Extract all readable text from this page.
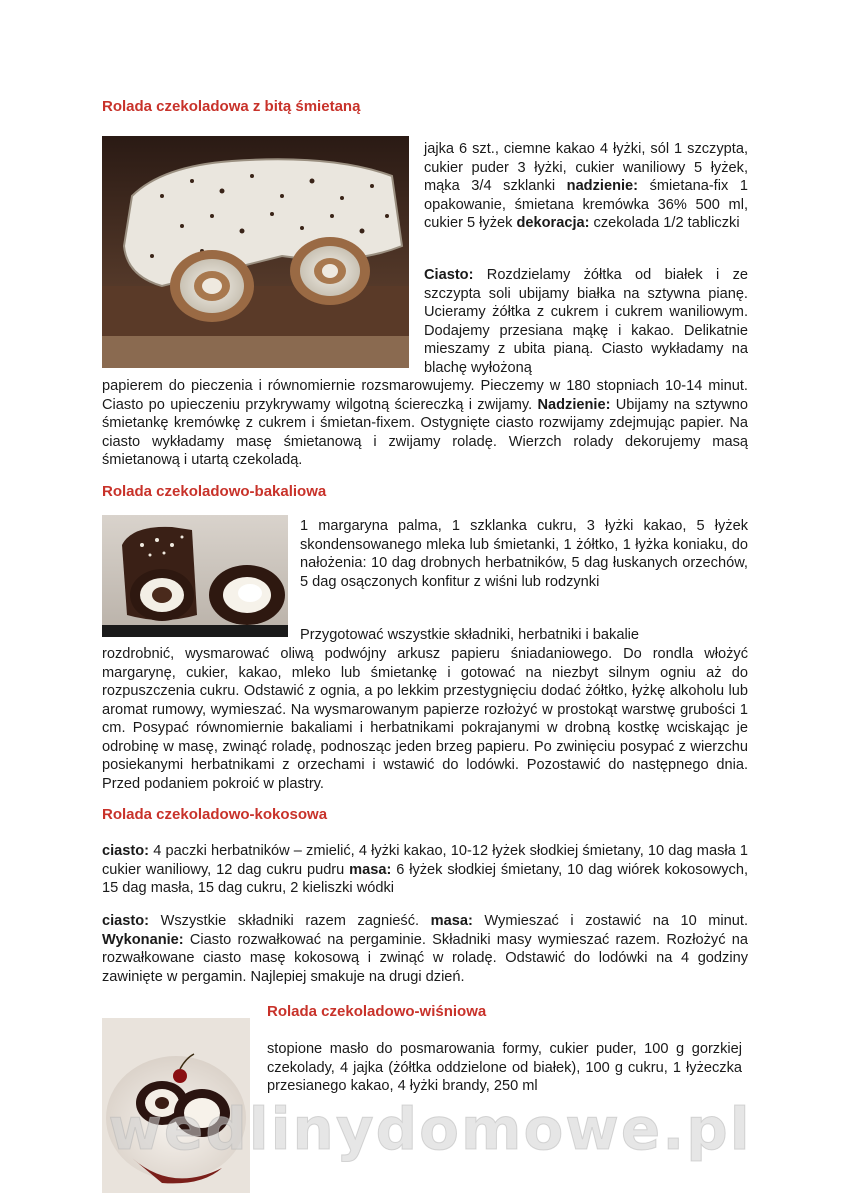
Rolada czekoladowa z bitą śmietaną

jajka 6 szt., ciemne kakao 4 łyżki, sól 1 szczypta, cukier puder 3 łyżki, cukier waniliowy 5 łyżek, mąka 3/4 szklanki nadzienie: śmietana-fix 1 opakowanie, śmietana kremówka 36% 500 ml, cukier 5 łyżek dekoracja: czekolada 1/2 tabliczki

Ciasto: Rozdzielamy żółtka od białek i ze szczypta soli ubijamy białka na sztywna pianę. Ucieramy żółtka z cukrem i cukrem waniliowym. Dodajemy przesiana mąkę i kakao. Delikatnie mieszamy z ubita pianą. Ciasto wykładamy na blachę wyłożoną

papierem do pieczenia i równomiernie rozsmarowujemy. Pieczemy w 180 stopniach 10-14 minut. Ciasto po upieczeniu przykrywamy wilgotną ściereczką i zwijamy. Nadzienie: Ubijamy na sztywno śmietankę kremówkę z cukrem i śmietan-fixem. Ostygnięte ciasto rozwijamy zdejmując papier. Na ciasto wykładamy masę śmietanową i zwijamy roladę. Wierzch rolady dekorujemy masą śmietanową i utartą czekoladą.

Rolada czekoladowo-bakaliowa

1 margaryna palma, 1 szklanka cukru, 3 łyżki kakao, 5 łyżek skondensowanego mleka lub śmietanki, 1 żółtko, 1 łyżka koniaku, do nałożenia: 10 dag drobnych herbatników, 5 dag łuskanych orzechów, 5 dag osączonych konfitur z wiśni lub rodzynki

Przygotować wszystkie składniki, herbatniki i bakalie

rozdrobnić, wysmarować oliwą podwójny arkusz papieru śniadaniowego. Do rondla włożyć margarynę, cukier, kakao, mleko lub śmietankę i gotować na niezbyt silnym ogniu aż do rozpuszczenia cukru. Odstawić z ognia, a po lekkim przestygnięciu dodać żółtko, łyżkę alkoholu lub aromat rumowy, wymieszać. Na wysmarowanym papierze rozłożyć w prostokąt warstwę grubości 1 cm. Posypać równomiernie bakaliami i herbatnikami pokrajanymi w drobną kostkę wciskając je odrobinę w masę, zwinąć roladę, podnosząc jeden brzeg papieru. Po zwinięciu posypać z wierzchu posiekanymi herbatnikami z orzechami i wstawić do lodówki. Pozostawić do następnego dnia. Przed podaniem pokroić w plastry.

Rolada czekoladowo-kokosowa

ciasto: 4 paczki herbatników – zmielić, 4 łyżki kakao, 10-12 łyżek słodkiej śmietany, 10 dag masła 1 cukier waniliowy, 12 dag cukru pudru masa: 6 łyżek słodkiej śmietany, 10 dag wiórek kokosowych, 15 dag masła, 15 dag cukru, 2 kieliszki wódki

ciasto: Wszystkie składniki razem zagnieść. masa: Wymieszać i zostawić na 10 minut. Wykonanie: Ciasto rozwałkować na pergaminie. Składniki masy wymieszać razem. Rozłożyć na rozwałkowane ciasto masę kokosową i zwinąć w roladę. Odstawić do lodówki na 4 godziny zawinięte w pergamin. Najlepiej smakuje na drugi dzień.

Rolada czekoladowo-wiśniowa

stopione masło do posmarowania formy, cukier puder, 100 g gorzkiej czekolady, 4 jajka (żółtka oddzielone od białek), 100 g cukru, 1 łyżeczka przesianego kakao, 4 łyżki brandy, 250 ml

wedlinydomowe.pl
